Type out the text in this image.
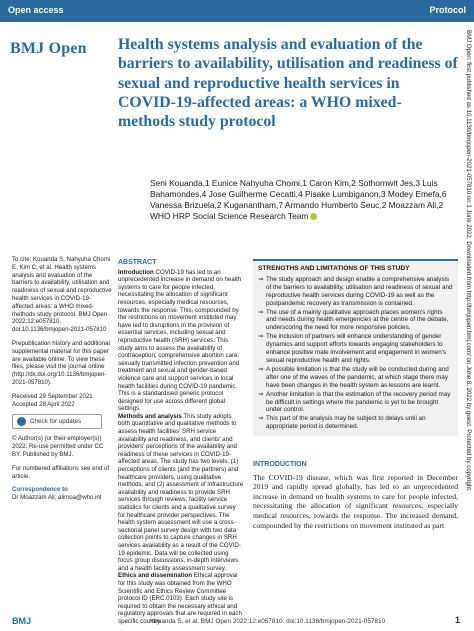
Open access	Protocol
BMJ Open Health systems analysis and evaluation of the barriers to availability, utilisation and readiness of sexual and reproductive health services in COVID-19-affected areas: a WHO mixed-methods study protocol
Seni Kouanda,1 Eunice Nahyuha Chomi,1 Caron Kim,2 Sothornwit Jes,3 Luis Bahamondes,4 Jose Guilherme Cecatti,4 Pisake Lumbiganon,3 Modey Emefa,6 Vanessa Brizuela,2 Kuganantham,7 Armando Humberto Seuc,2 Moazzam Ali,2 WHO HRP Social Science Research Team

To cite: Kouanda S, Nahyuha Chomi E, Kim C, et al. Health systems analysis and evaluation of the barriers to availability, utilisation and readiness of sexual and reproductive health services in COVID-19-affected areas: a WHO mixed-methods study protocol. BMJ Open 2022;12:e057810. doi:10.1136/bmjopen-2021-057810

Prepublication history and additional supplemental material for this paper are available online. To view these files, please visit the journal online (http://dx.doi.org/10.1136/bmjopen-2021-057810).

Received 29 September 2021
Accepted 28 April 2022

Check for updates

© Author(s) (or their employer(s)) 2022. Re-use permitted under CC BY. Published by BMJ.

For numbered affiliations see end of article.

Correspondence to
Dr Moazzam Ali; alimoa@who.int

ABSTRACT

Introduction COVID-19 has led to an unprecedented increase in demand on health systems to care for people infected, necessitating the allocation of significant resources, especially medical resources, towards the response. This, compounded by the restrictions on movement instituted may have led to disruptions in the provision of essential services, including sexual and reproductive health (SRH) services. This study aims to assess the availability of contraception, comprehensive abortion care, sexually transmitted infection prevention and treatment and sexual and gender-based violence care and support services in local health facilities during COVID-19 pandemic. This is a standardised generic protocol designed for use across different global settings.

Methods and analysis This study adopts both quantitative and qualitative methods to assess health facilities' SRH service availability and readiness, and clients' and providers' perceptions of the availability and readiness of these services in COVID-19-affected areas. The study has two levels: (1) perceptions of clients (and the partners) and healthcare providers, using qualitative methods, and (2) assessment of infrastructure availability and readiness to provide SRH services through reviews, facility service statistics for clients and a qualitative survey for healthcare provider perspectives. The health system assessment will use a cross-sectional panel survey design with two data collection points to capture changes in SRH services availability as a result of the COVID-19 epidemic. Data will be collected using focus group discussions, in-depth interviews and a health facility assessment survey.

Ethics and dissemination Ethical approval for this study was obtained from the WHO Scientific and Ethics Review Committee protocol ID (ERC.0103). Each study site is required to obtain the necessary ethical and regulatory approvals that are required in each specific country.

STRENGTHS AND LIMITATIONS OF THIS STUDY
⇒ The study approach and design enable a comprehensive analysis of the barriers to availability, utilisation and readiness of sexual and reproductive health services during COVID-19 as well as the postpandemic recovery as transmission is contained.
⇒ The use of a mainly qualitative approach places women's rights and needs during health emergencies at the centre of the debate, underscoring the need for more responsive policies.
⇒ The inclusion of partners will enhance understanding of gender dynamics and support efforts towards engaging stakeholders to enhance positive male involvement and engagement in women's sexual reproductive health and rights.
⇒ A possible limitation is that the study will be conducted during and after one of the waves of the pandemic, at which stage there may have been changes in the health system as lessons are learnt.
⇒ Another limitation is that the estimation of the recovery period may be difficult in settings where the pandemic is yet to be brought under control.
⇒ This part of the analysis may be subject to delays until an appropriate period is determined.
INTRODUCTION

The COVID-19 disease, which was first reported in December 2019 and rapidly spread globally, has led to an unprecedented increase in demand on health systems to care for people infected, necessitating the allocation of significant resources, especially medical resources, towards the response. The increased demand, compounded by the restrictions on movement instituted as part

BMJ Open: first published as 10.1136/bmjopen-2021-057810 on 1 June 2022. Downloaded from http://bmjopen.bmj.com/ on June 8, 2022 by guest. Protected by copyright.
BMJ	Kouanda S, et al. BMJ Open 2022;12:e057810. doi:10.1136/bmjopen-2021-057810	1
